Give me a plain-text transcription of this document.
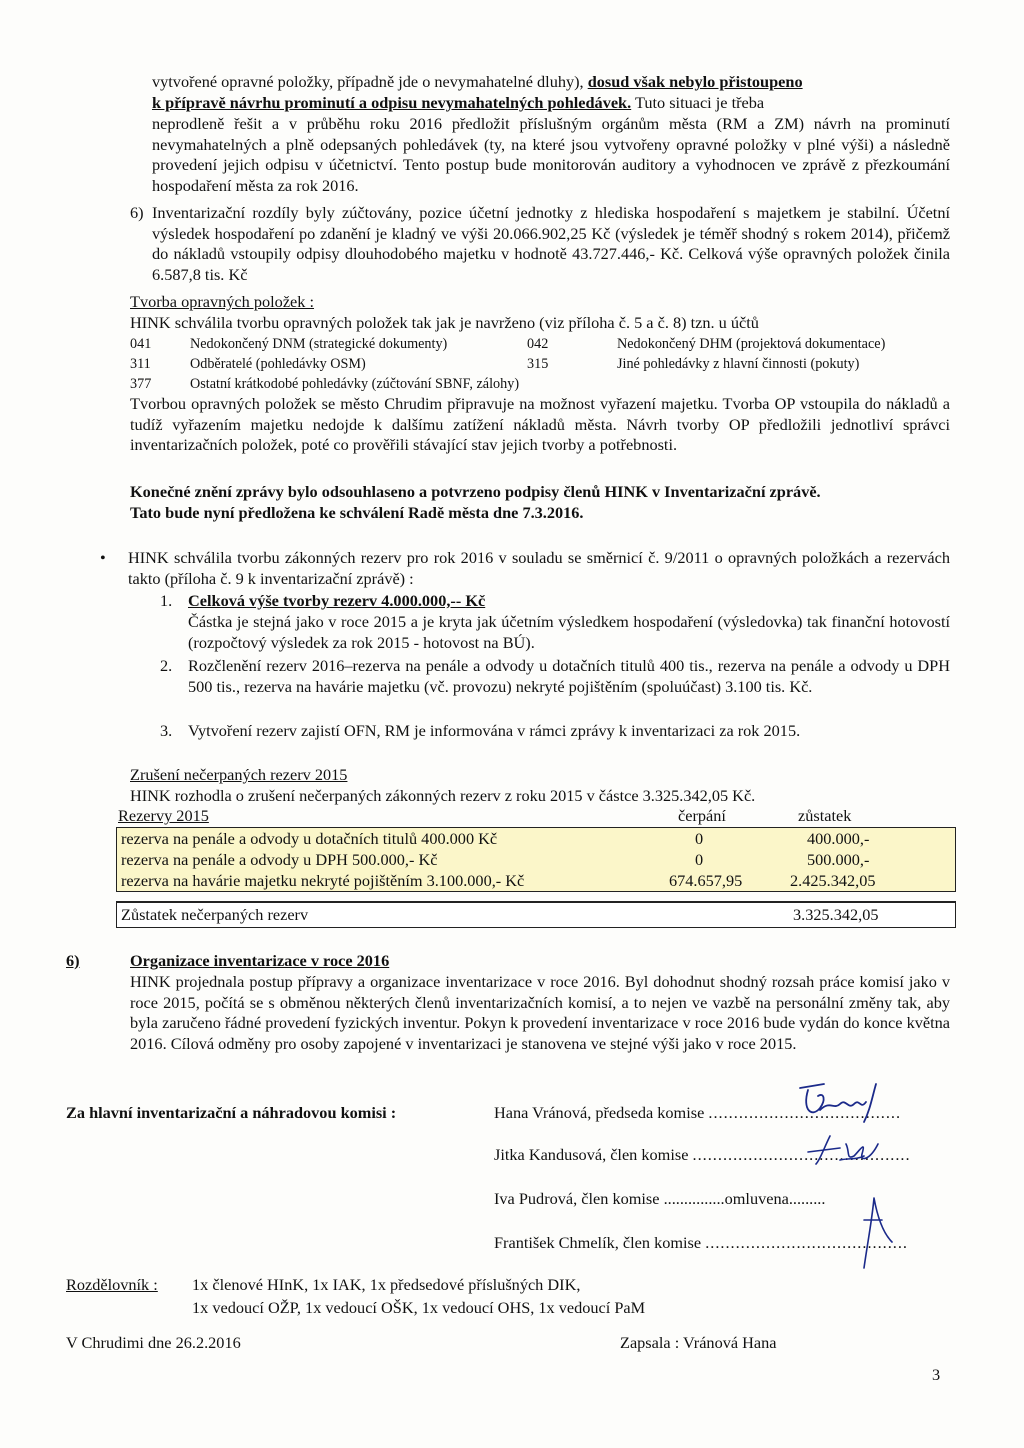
vytvořené opravné položky, případně jde o nevymahatelné dluhy), dosud však nebylo přistoupeno
k přípravě návrhu prominutí a odpisu nevymahatelných pohledávek. Tuto situaci je třeba

neprodleně řešit a v průběhu roku 2016 předložit příslušným orgánům města (RM a ZM) návrh na prominutí nevymahatelných a plně odepsaných pohledávek (ty, na které jsou vytvořeny opravné položky v plné výši) a následně provedení jejich odpisu v účetnictví. Tento postup bude monitorován auditory a vyhodnocen ve zprávě z přezkoumání hospodaření města za rok 2016.

6) Inventarizační rozdíly byly zúčtovány, pozice účetní jednotky z hlediska hospodaření s majetkem je stabilní. Účetní výsledek hospodaření po zdanění je kladný ve výši 20.066.902,25 Kč (výsledek je téměř shodný s rokem 2014), přičemž do nákladů vstoupily odpisy dlouhodobého majetku v hodnotě 43.727.446,- Kč. Celková výše opravných položek činila 6.587,8 tis. Kč

Tvorba opravných položek :
HINK schválila tvorbu opravných položek tak jak je navrženo (viz příloha č. 5 a č. 8) tzn. u účtů
041	Nedokončený DNM (strategické dokumenty)	042	Nedokončený DHM (projektová dokumentace)
311	Odběratelé (pohledávky OSM)	315	Jiné pohledávky z hlavní činnosti (pokuty)
377	Ostatní krátkodobé pohledávky (zúčtování SBNF, zálohy)

Tvorbou opravných položek se město Chrudim připravuje na možnost vyřazení majetku. Tvorba OP vstoupila do nákladů a tudíž vyřazením majetku nedojde k dalšímu zatížení nákladů města. Návrh tvorby OP předložili jednotliví správci inventarizačních položek, poté co prověřili stávající stav jejich tvorby a potřebnosti.

Konečné znění zprávy bylo odsouhlaseno a potvrzeno podpisy členů HINK v Inventarizační zprávě.
Tato bude nyní předložena ke schválení Radě města dne 7.3.2016.
• HINK schválila tvorbu zákonných rezerv pro rok 2016 v souladu se směrnicí č. 9/2011 o opravných položkách a rezervách takto (příloha č. 9 k inventarizační zprávě) :

1. Celková výše tvorby rezerv 4.000.000,-- Kč

Částka je stejná jako v roce 2015 a je kryta jak účetním výsledkem hospodaření (výsledovka) tak finanční hotovostí (rozpočtový výsledek za rok 2015 - hotovost na BÚ).

2. Rozčlenění rezerv 2016–rezerva na penále a odvody u dotačních titulů 400 tis., rezerva na penále a odvody u DPH 500 tis., rezerva na havárie majetku (vč. provozu) nekryté pojištěním (spoluúčast) 3.100 tis. Kč.

3. Vytvoření rezerv zajistí OFN, RM je informována v rámci zprávy k inventarizaci za rok 2015.

Zrušení nečerpaných rezerv 2015
HINK rozhodla o zrušení nečerpaných zákonných rezerv z roku 2015 v částce 3.325.342,05 Kč.
Rezervy 2015	čerpání	zůstatek
rezerva na penále a odvody u dotačních titulů 400.000 Kč	0	400.000,-
rezerva na penále a odvody u DPH 500.000,- Kč	0	500.000,-
rezerva na havárie majetku nekryté pojištěním 3.100.000,- Kč	674.657,95	2.425.342,05
Zůstatek nečerpaných rezerv	3.325.342,05
6)	Organizace inventarizace v roce 2016

HINK projednala postup přípravy a organizace inventarizace v roce 2016. Byl dohodnut shodný rozsah práce komisí jako v roce 2015, počítá se s obměnou některých členů inventarizačních komisí, a to nejen ve vazbě na personální změny tak, aby byla zaručeno řádné provedení fyzických inventur. Pokyn k provedení inventarizace v roce 2016 bude vydán do konce května 2016. Cílová odměny pro osoby zapojené v inventarizaci je stanovena ve stejné výši jako v roce 2015.

Za hlavní inventarizační a náhradovou komisi :	Hana Vránová, předseda komise ......................................
Jitka Kandusová, člen komise ...........................................
Iva Pudrová, člen komise ...............omluvena.........
František Chmelík, člen komise ........................................
Rozdělovník : 1x členové HInK, 1x IAK, 1x předsedové příslušných DIK,
1x vedoucí OŽP, 1x vedoucí OŠK, 1x vedoucí OHS, 1x vedoucí PaM
V Chrudimi dne 26.2.2016	Zapsala : Vránová Hana
3
